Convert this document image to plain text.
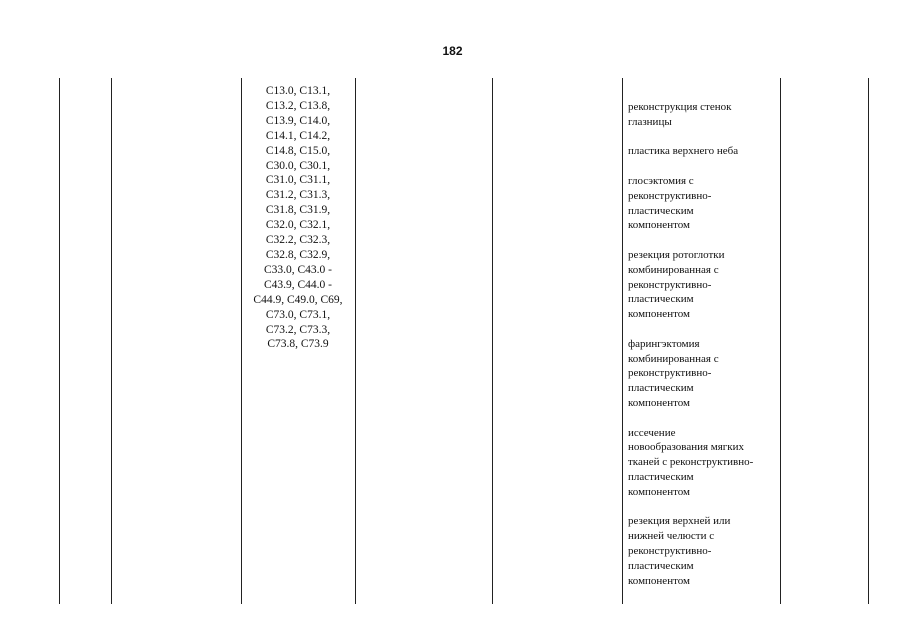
182
C13.0, C13.1,
C13.2, C13.8,
C13.9, C14.0,
C14.1, C14.2,
C14.8, C15.0,
C30.0, C30.1,
C31.0, C31.1,
C31.2, C31.3,
C31.8, C31.9,
C32.0, C32.1,
C32.2, C32.3,
C32.8, C32.9,
C33.0, C43.0 -
C43.9, C44.0 -
C44.9, C49.0, C69,
C73.0, C73.1,
C73.2, C73.3,
C73.8, C73.9

реконструкция стенок
глазницы

пластика верхнего неба

глосэктомия с
реконструктивно-
пластическим
компонентом

резекция ротоглотки
комбинированная с
реконструктивно-
пластическим
компонентом

фарингэктомия
комбинированная с
реконструктивно-
пластическим
компонентом

иссечение
новообразования мягких
тканей с реконструктивно-
пластическим
компонентом

резекция верхней или
нижней челюсти с
реконструктивно-
пластическим
компонентом
